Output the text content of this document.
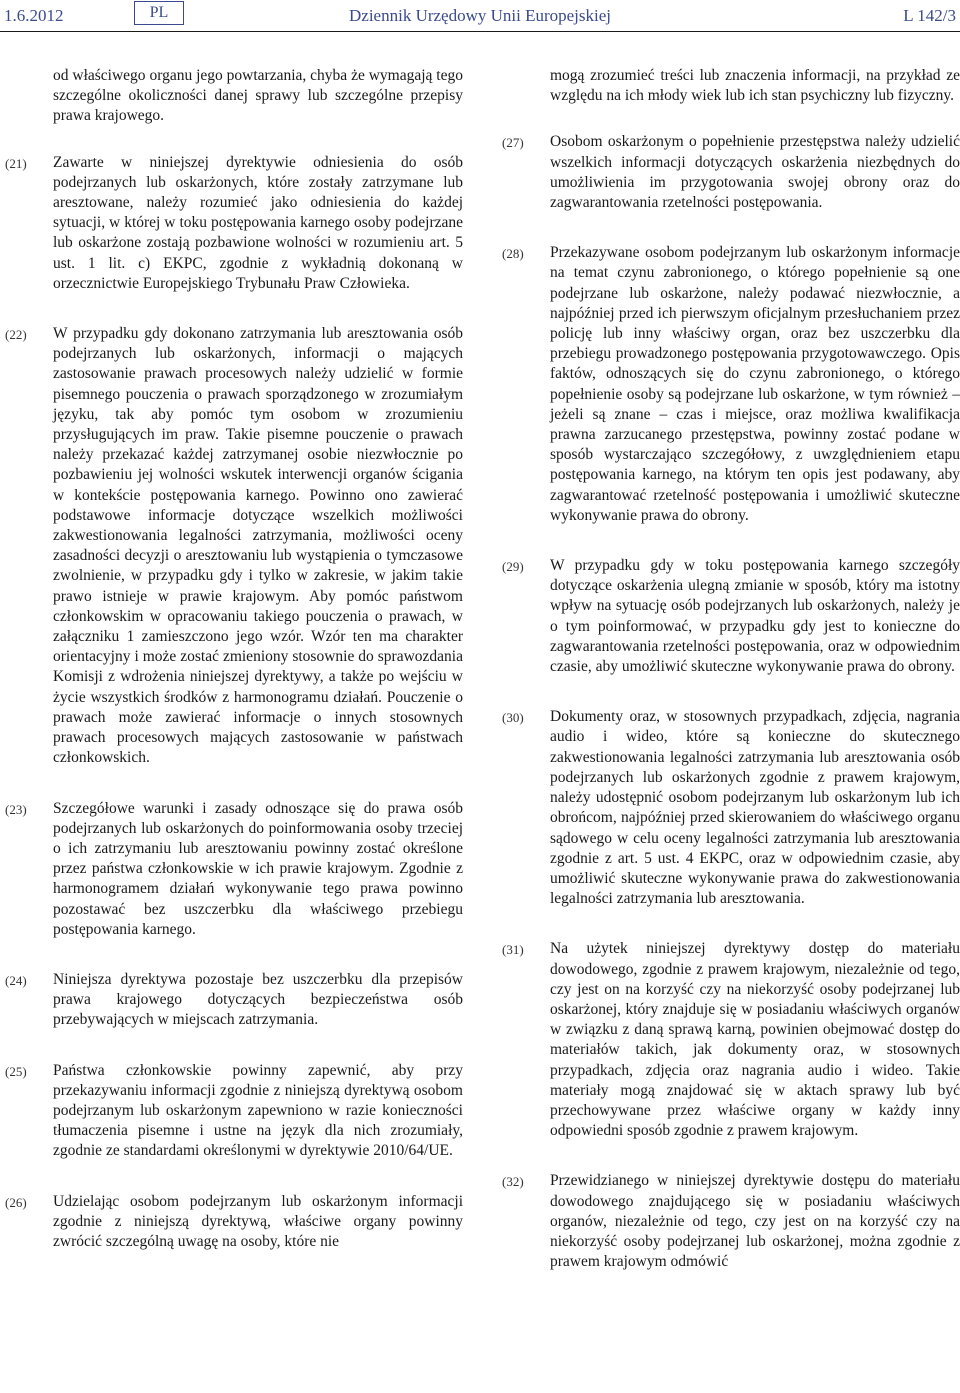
1.6.2012	PL	Dziennik Urzędowy Unii Europejskiej	L 142/3

od właściwego organu jego powtarzania, chyba że wymagają tego szczególne okoliczności danej sprawy lub szczególne przepisy prawa krajowego.

(21) Zawarte w niniejszej dyrektywie odniesienia do osób podejrzanych lub oskarżonych, które zostały zatrzymane lub aresztowane, należy rozumieć jako odniesienia do każdej sytuacji, w której w toku postępowania karnego osoby podejrzane lub oskarżone zostają pozbawione wolności w rozumieniu art. 5 ust. 1 lit. c) EKPC, zgodnie z wykładnią dokonaną w orzecznictwie Europejskiego Trybunału Praw Człowieka.
(22) W przypadku gdy dokonano zatrzymania lub aresztowania osób podejrzanych lub oskarżonych, informacji o mających zastosowanie prawach procesowych należy udzielić w formie pisemnego pouczenia o prawach sporządzonego w zrozumiałym języku, tak aby pomóc tym osobom w zrozumieniu przysługujących im praw. Takie pisemne pouczenie o prawach należy przekazać każdej zatrzymanej osobie niezwłocznie po pozbawieniu jej wolności wskutek interwencji organów ścigania w kontekście postępowania karnego. Powinno ono zawierać podstawowe informacje dotyczące wszelkich możliwości zakwestionowania legalności zatrzymania, możliwości oceny zasadności decyzji o aresztowaniu lub wystąpienia o tymczasowe zwolnienie, w przypadku gdy i tylko w zakresie, w jakim takie prawo istnieje w prawie krajowym. Aby pomóc państwom członkowskim w opracowaniu takiego pouczenia o prawach, w załączniku 1 zamieszczono jego wzór. Wzór ten ma charakter orientacyjny i może zostać zmieniony stosownie do sprawozdania Komisji z wdrożenia niniejszej dyrektywy, a także po wejściu w życie wszystkich środków z harmonogramu działań. Pouczenie o prawach może zawierać informacje o innych stosownych prawach procesowych mających zastosowanie w państwach członkowskich.
(23) Szczegółowe warunki i zasady odnoszące się do prawa osób podejrzanych lub oskarżonych do poinformowania osoby trzeciej o ich zatrzymaniu lub aresztowaniu powinny zostać określone przez państwa członkowskie w ich prawie krajowym. Zgodnie z harmonogramem działań wykonywanie tego prawa powinno pozostawać bez uszczerbku dla właściwego przebiegu postępowania karnego.
(24) Niniejsza dyrektywa pozostaje bez uszczerbku dla przepisów prawa krajowego dotyczących bezpieczeństwa osób przebywających w miejscach zatrzymania.
(25) Państwa członkowskie powinny zapewnić, aby przy przekazywaniu informacji zgodnie z niniejszą dyrektywą osobom podejrzanym lub oskarżonym zapewniono w razie konieczności tłumaczenia pisemne i ustne na język dla nich zrozumiały, zgodnie ze standardami określonymi w dyrektywie 2010/64/UE.
(26) Udzielając osobom podejrzanym lub oskarżonym informacji zgodnie z niniejszą dyrektywą, właściwe organy powinny zwrócić szczególną uwagę na osoby, które nie

mogą zrozumieć treści lub znaczenia informacji, na przykład ze względu na ich młody wiek lub ich stan psychiczny lub fizyczny.

(27) Osobom oskarżonym o popełnienie przestępstwa należy udzielić wszelkich informacji dotyczących oskarżenia niezbędnych do umożliwienia im przygotowania swojej obrony oraz do zagwarantowania rzetelności postępowania.
(28) Przekazywane osobom podejrzanym lub oskarżonym informacje na temat czynu zabronionego, o którego popełnienie są one podejrzane lub oskarżone, należy podawać niezwłocznie, a najpóźniej przed ich pierwszym oficjalnym przesłuchaniem przez policję lub inny właściwy organ, oraz bez uszczerbku dla przebiegu prowadzonego postępowania przygotowawczego. Opis faktów, odnoszących się do czynu zabronionego, o którego popełnienie osoby są podejrzane lub oskarżone, w tym również – jeżeli są znane – czas i miejsce, oraz możliwa kwalifikacja prawna zarzucanego przestępstwa, powinny zostać podane w sposób wystarczająco szczegółowy, z uwzględnieniem etapu postępowania karnego, na którym ten opis jest podawany, aby zagwarantować rzetelność postępowania i umożliwić skuteczne wykonywanie prawa do obrony.
(29) W przypadku gdy w toku postępowania karnego szczegóły dotyczące oskarżenia ulegną zmianie w sposób, który ma istotny wpływ na sytuację osób podejrzanych lub oskarżonych, należy je o tym poinformować, w przypadku gdy jest to konieczne do zagwarantowania rzetelności postępowania, oraz w odpowiednim czasie, aby umożliwić skuteczne wykonywanie prawa do obrony.
(30) Dokumenty oraz, w stosownych przypadkach, zdjęcia, nagrania audio i wideo, które są konieczne do skutecznego zakwestionowania legalności zatrzymania lub aresztowania osób podejrzanych lub oskarżonych zgodnie z prawem krajowym, należy udostępnić osobom podejrzanym lub oskarżonym lub ich obrońcom, najpóźniej przed skierowaniem do właściwego organu sądowego w celu oceny legalności zatrzymania lub aresztowania zgodnie z art. 5 ust. 4 EKPC, oraz w odpowiednim czasie, aby umożliwić skuteczne wykonywanie prawa do zakwestionowania legalności zatrzymania lub aresztowania.
(31) Na użytek niniejszej dyrektywy dostęp do materiału dowodowego, zgodnie z prawem krajowym, niezależnie od tego, czy jest on na korzyść czy na niekorzyść osoby podejrzanej lub oskarżonej, który znajduje się w posiadaniu właściwych organów w związku z daną sprawą karną, powinien obejmować dostęp do materiałów takich, jak dokumenty oraz, w stosownych przypadkach, zdjęcia oraz nagrania audio i wideo. Takie materiały mogą znajdować się w aktach sprawy lub być przechowywane przez właściwe organy w każdy inny odpowiedni sposób zgodnie z prawem krajowym.
(32) Przewidzianego w niniejszej dyrektywie dostępu do materiału dowodowego znajdującego się w posiadaniu właściwych organów, niezależnie od tego, czy jest on na korzyść czy na niekorzyść osoby podejrzanej lub oskarżonej, można zgodnie z prawem krajowym odmówić
